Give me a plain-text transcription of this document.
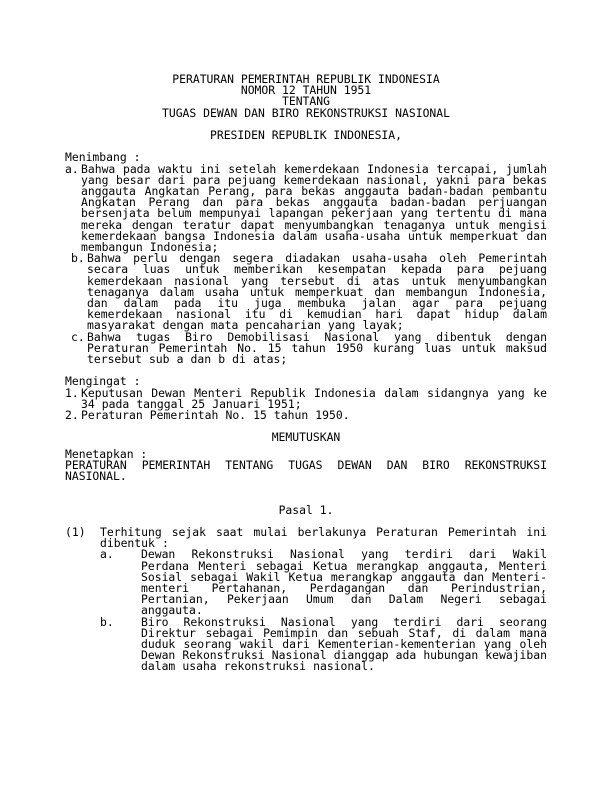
PERATURAN PEMERINTAH REPUBLIK INDONESIA
NOMOR 12 TAHUN 1951
TENTANG
TUGAS DEWAN DAN BIRO REKONSTRUKSI NASIONAL
PRESIDEN REPUBLIK INDONESIA,
Menimbang :
a. Bahwa pada waktu ini setelah kemerdekaan Indonesia tercapai, jumlah yang besar dari para pejuang kemerdekaan nasional, yakni para bekas anggauta Angkatan Perang, para bekas anggauta badan-badan pembantu Angkatan Perang dan para bekas anggauta badan-badan perjuangan bersenjata belum mempunyai lapangan pekerjaan yang tertentu di mana mereka dengan teratur dapat menyumbangkan tenaganya untuk mengisi kemerdekaan bangsa Indonesia dalam usaha-usaha untuk memperkuat dan membangun Indonesia;
b. Bahwa perlu dengan segera diadakan usaha-usaha oleh Pemerintah secara luas untuk memberikan kesempatan kepada para pejuang kemerdekaan nasional yang tersebut di atas untuk menyumbangkan tenaganya dalam usaha untuk memperkuat dan membangun Indonesia, dan dalam pada itu juga membuka jalan agar para pejuang kemerdekaan nasional itu di kemudian hari dapat hidup dalam masyarakat dengan mata pencaharian yang layak;
c. Bahwa tugas Biro Demobilisasi Nasional yang dibentuk dengan Peraturan Pemerintah No. 15 tahun 1950 kurang luas untuk maksud tersebut sub a dan b di atas;
Mengingat :
1. Keputusan Dewan Menteri Republik Indonesia dalam sidangnya yang ke 34 pada tanggal 25 Januari 1951;
2. Peraturan Pemerintah No. 15 tahun 1950.
MEMUTUSKAN
Menetapkan :
PERATURAN PEMERINTAH TENTANG TUGAS DEWAN DAN BIRO REKONSTRUKSI NASIONAL.
Pasal 1.
(1)	Terhitung sejak saat mulai berlakunya Peraturan Pemerintah ini dibentuk :
a.	Dewan Rekonstruksi Nasional yang terdiri dari Wakil Perdana Menteri sebagai Ketua merangkap anggauta, Menteri Sosial sebagai Wakil Ketua merangkap anggauta dan Menteri-menteri Pertahanan, Perdagangan dan Perindustrian, Pertanian, Pekerjaan Umum dan Dalam Negeri sebagai anggauta.
b.	Biro Rekonstruksi Nasional yang terdiri dari seorang Direktur sebagai Pemimpin dan sebuah Staf, di dalam mana duduk seorang wakil dari Kementerian-kementerian yang oleh Dewan Rekonstruksi Nasional dianggap ada hubungan kewajiban dalam usaha rekonstruksi nasional.
